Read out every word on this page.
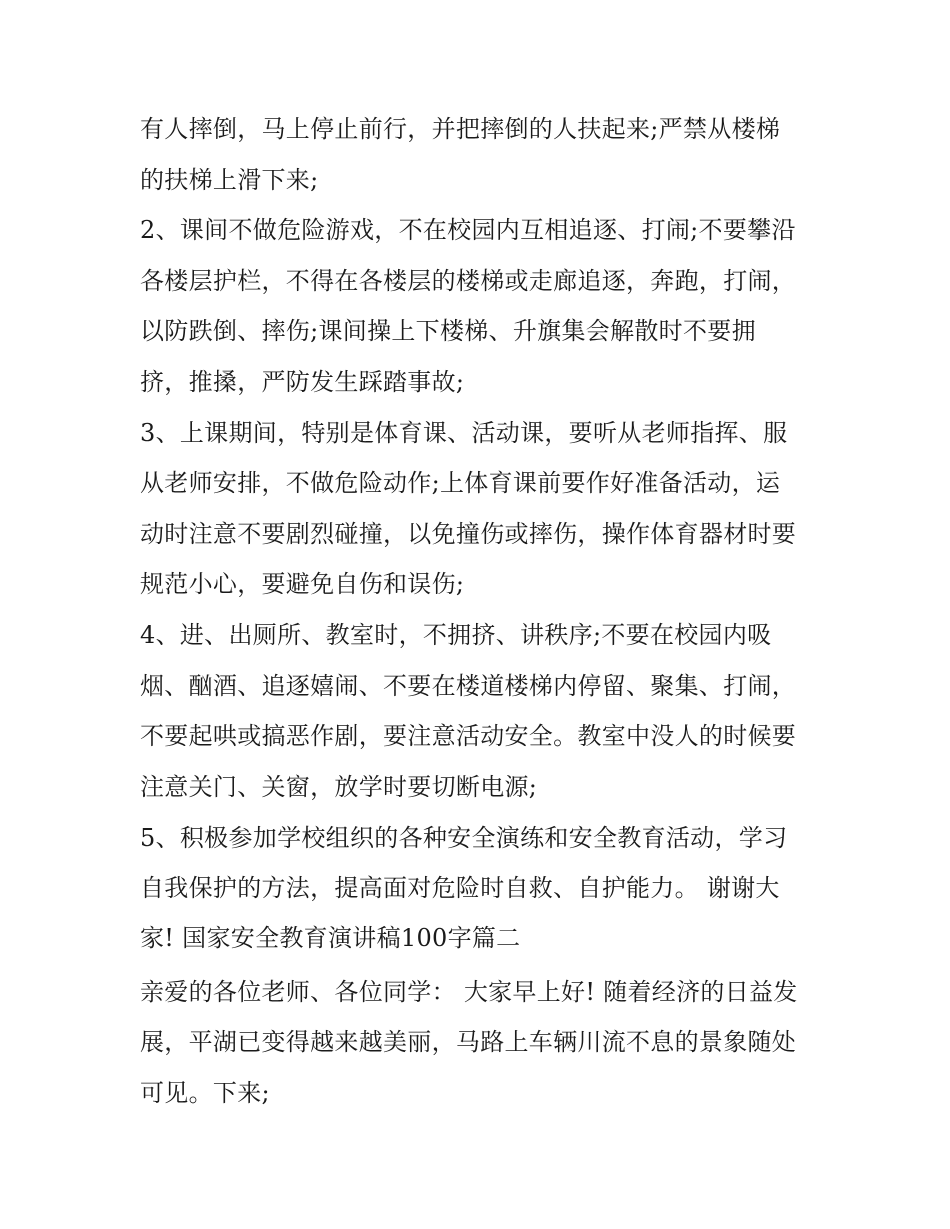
有人摔倒，马上停止前行，并把摔倒的人扶起来;严禁从楼梯
的扶梯上滑下来;
2、课间不做危险游戏，不在校园内互相追逐、打闹;不要攀沿
各楼层护栏，不得在各楼层的楼梯或走廊追逐，奔跑，打闹，
以防跌倒、摔伤;课间操上下楼梯、升旗集会解散时不要拥
挤，推搡，严防发生踩踏事故;
3、上课期间，特别是体育课、活动课，要听从老师指挥、服
从老师安排，不做危险动作;上体育课前要作好准备活动，运
动时注意不要剧烈碰撞，以免撞伤或摔伤，操作体育器材时要
规范小心，要避免自伤和误伤;
4、进、出厕所、教室时，不拥挤、讲秩序;不要在校园内吸
烟、酗酒、追逐嬉闹、不要在楼道楼梯内停留、聚集、打闹，
不要起哄或搞恶作剧，要注意活动安全。教室中没人的时候要
注意关门、关窗，放学时要切断电源;
5、积极参加学校组织的各种安全演练和安全教育活动，学习
自我保护的方法，提高面对危险时自救、自护能力。 谢谢大
家! 国家安全教育演讲稿100字篇二
亲爱的各位老师、各位同学： 大家早上好! 随着经济的日益发
展，平湖已变得越来越美丽，马路上车辆川流不息的景象随处
可见。下来;
